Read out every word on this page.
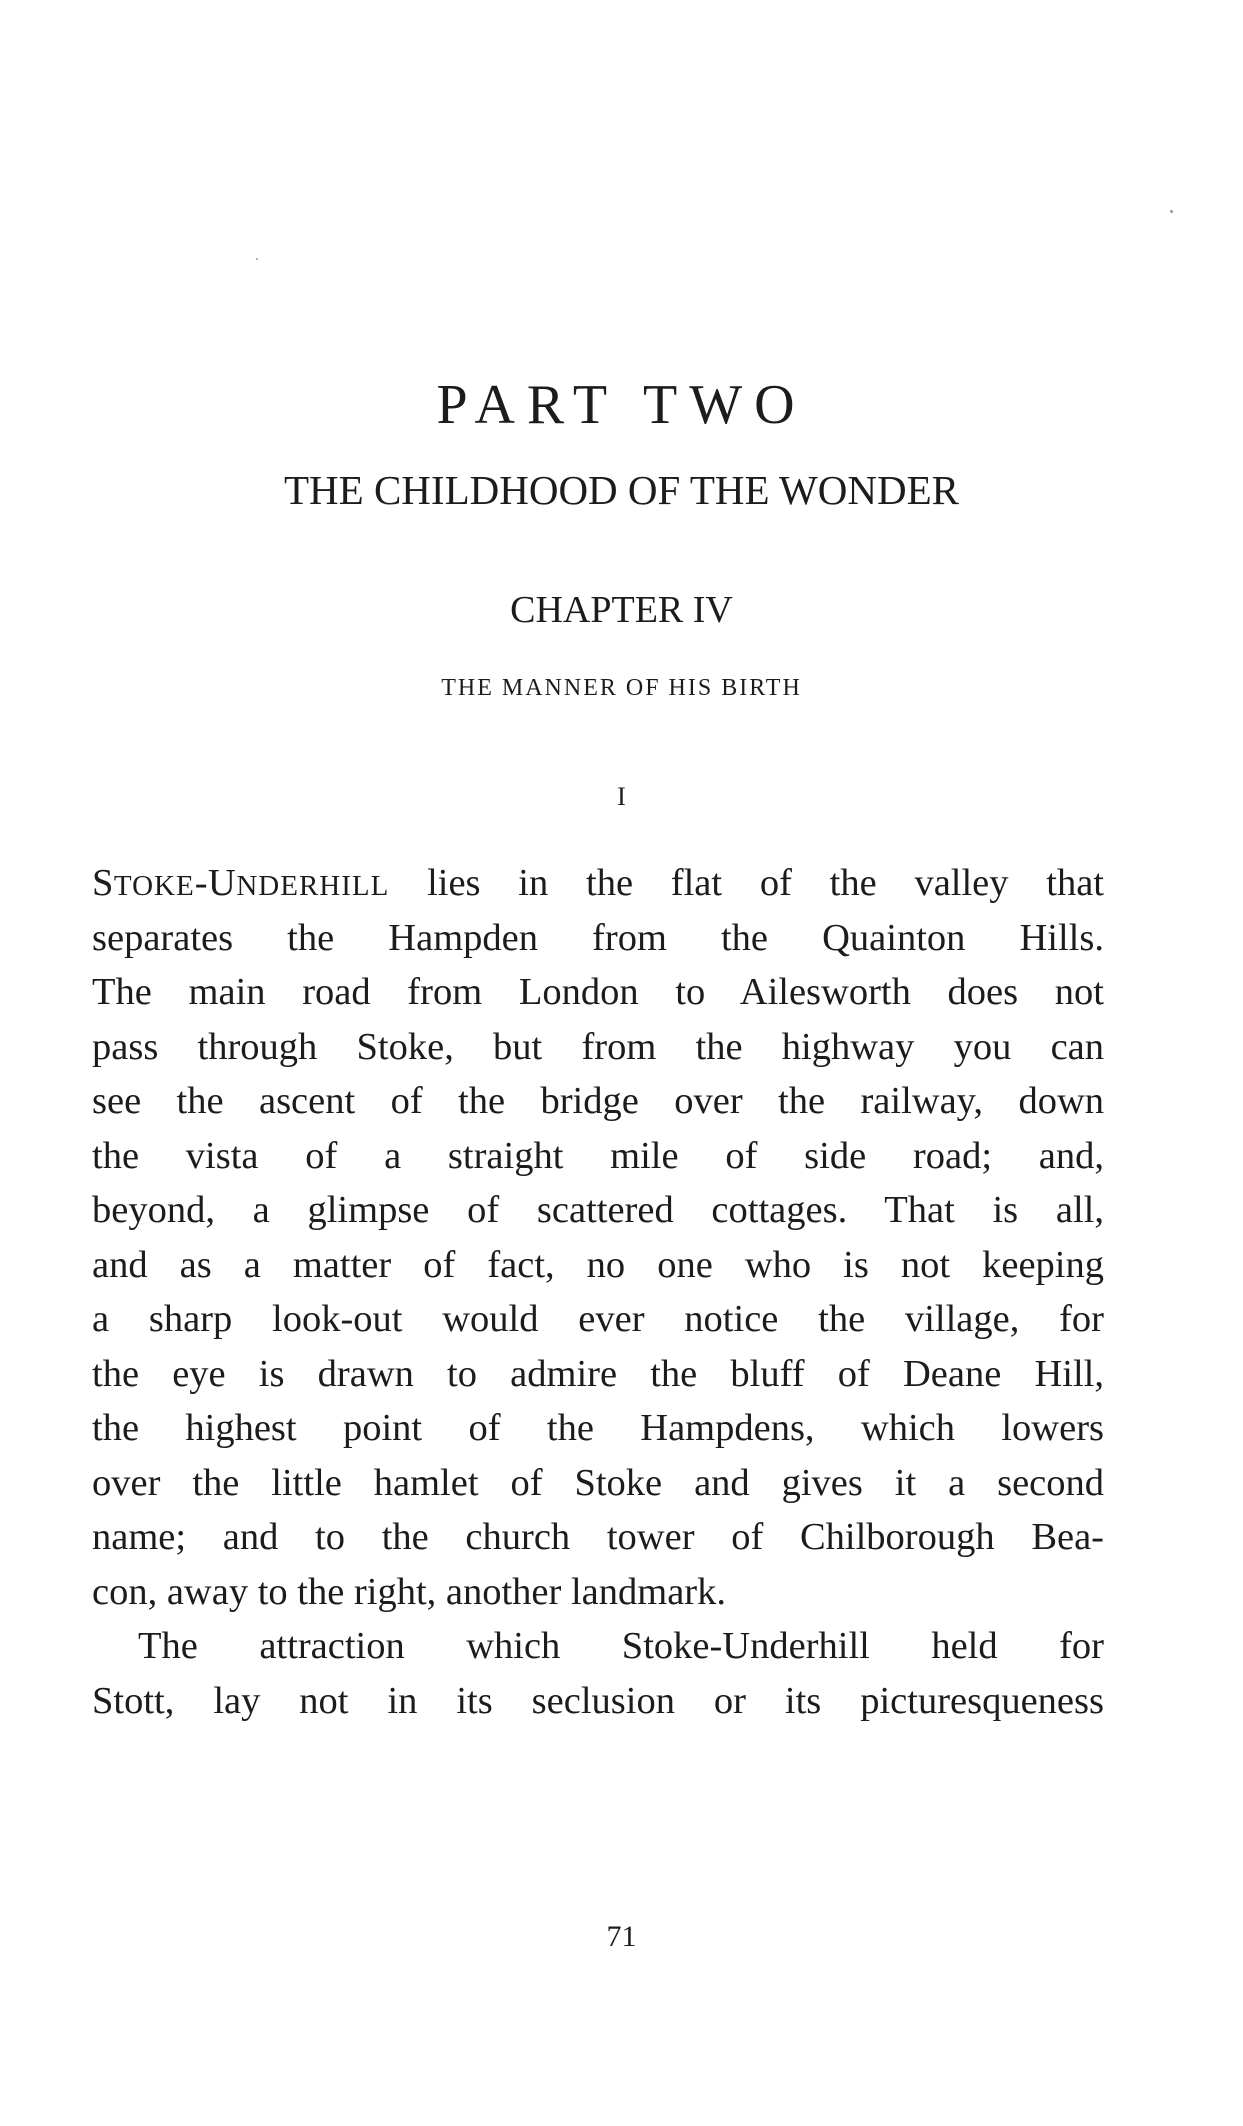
PART TWO
THE CHILDHOOD OF THE WONDER
CHAPTER IV
THE MANNER OF HIS BIRTH
I
STOKE-UNDERHILL lies in the flat of the valley that
separates the Hampden from the Quainton Hills.
The main road from London to Ailesworth does not
pass through Stoke, but from the highway you can
see the ascent of the bridge over the railway, down
the vista of a straight mile of side road; and,
beyond, a glimpse of scattered cottages. That is all,
and as a matter of fact, no one who is not keeping
a sharp look-out would ever notice the village, for
the eye is drawn to admire the bluff of Deane Hill,
the highest point of the Hampdens, which lowers
over the little hamlet of Stoke and gives it a second
name; and to the church tower of Chilborough Bea-
con, away to the right, another landmark.
The attraction which Stoke-Underhill held for
Stott, lay not in its seclusion or its picturesqueness
71
